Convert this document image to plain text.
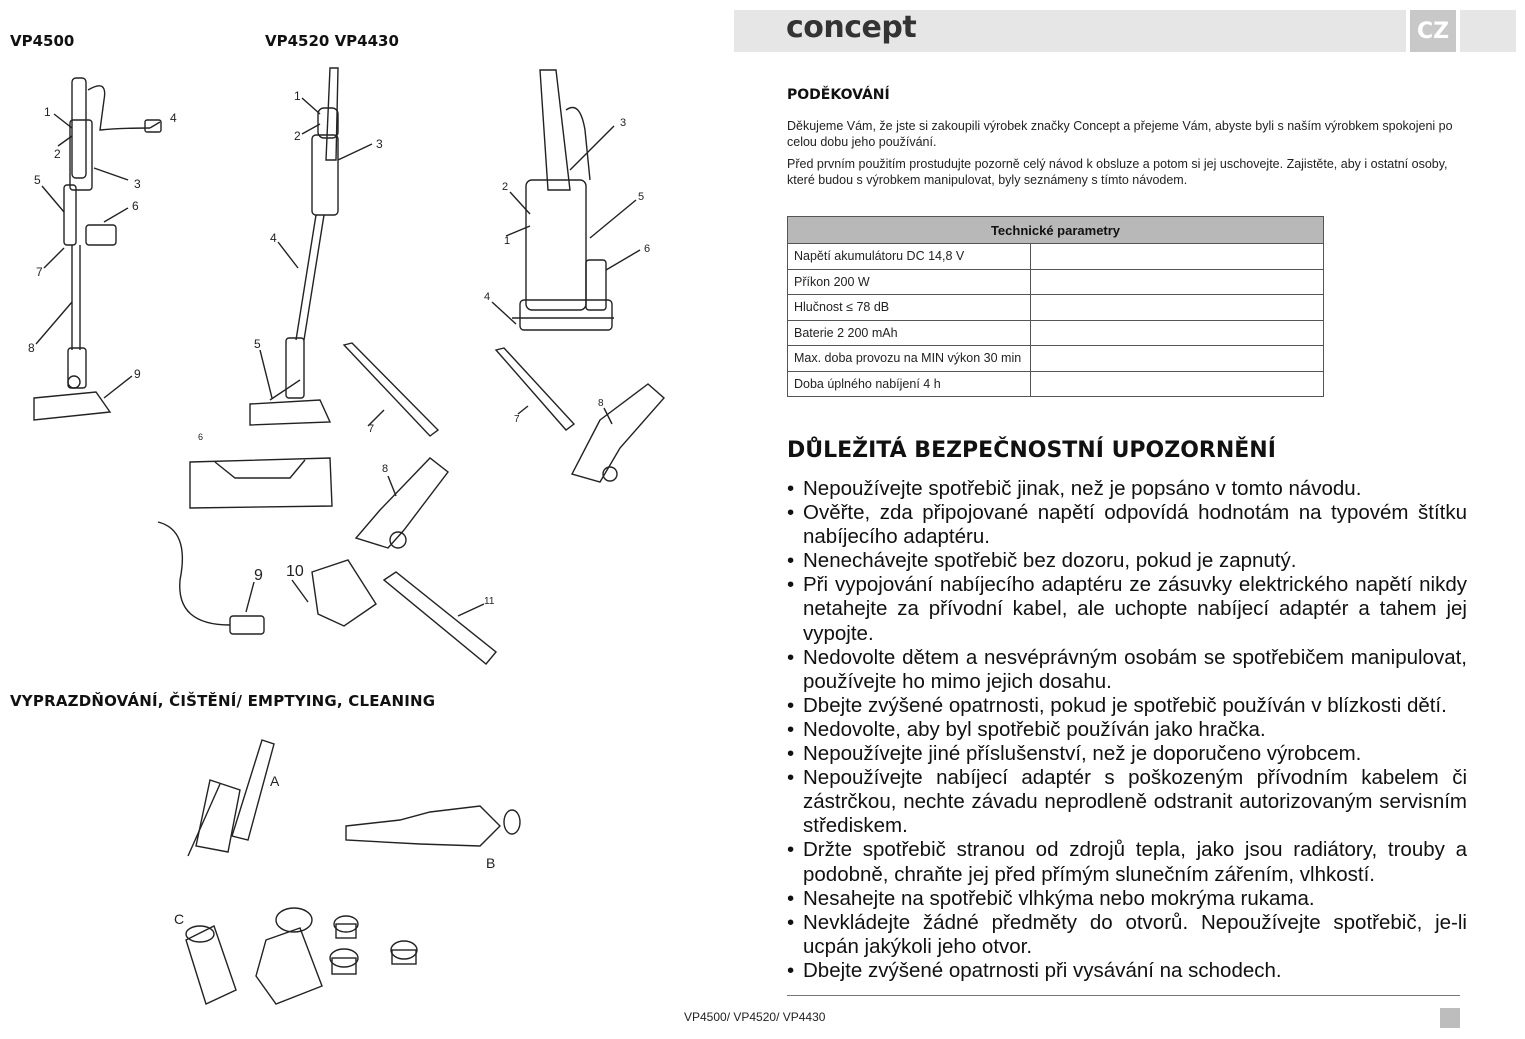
VP4500	VP4520 VP4430
1
2
3
4
5
6
7
8
9
1
2
3
4
5
6
7
8
9 10
11
1
2
3
4
5
6
7
8
A
B
C
VYPRAZDŇOVÁNÍ, ČIŠTĚNÍ/ EMPTYING, CLEANING
concept	CZ
PODĚKOVÁNÍ
Děkujeme Vám, že jste si zakoupili výrobek značky Concept a přejeme Vám, abyste byli s naším výrobkem spokojeni po celou dobu jeho používání.
Před prvním použitím prostudujte pozorně celý návod k obsluze a potom si jej uschovejte. Zajistěte, aby i ostatní osoby, které budou s výrobkem manipulovat, byly seznámeny s tímto návodem.
Technické parametry	
Napětí akumulátoru DC 14,8 V	
Příkon 200 W	
Hlučnost ≤ 78 dB	
Baterie 2 200 mAh	
Max. doba provozu na MIN výkon 30 min	
Doba úplného nabíjení 4 h	
DŮLEŽITÁ BEZPEČNOSTNÍ UPOZORNĚNÍ
• Nepoužívejte spotřebič jinak, než je popsáno v tomto návodu.
• Ověřte, zda připojované napětí odpovídá hodnotám na typovém štítku nabíjecího adaptéru.
• Nenechávejte spotřebič bez dozoru, pokud je zapnutý.
• Při vypojování nabíjecího adaptéru ze zásuvky elektrického napětí nikdy netahejte za přívodní kabel, ale uchopte nabíjecí adaptér a tahem jej vypojte.
• Nedovolte dětem a nesvéprávným osobám se spotřebičem manipulovat, používejte ho mimo jejich dosahu.
• Dbejte zvýšené opatrnosti, pokud je spotřebič používán v blízkosti dětí.
• Nedovolte, aby byl spotřebič používán jako hračka.
• Nepoužívejte jiné příslušenství, než je doporučeno výrobcem.
• Nepoužívejte nabíjecí adaptér s poškozeným přívodním kabelem či zástrčkou, nechte závadu neprodleně odstranit autorizovaným servisním střediskem.
• Držte spotřebič stranou od zdrojů tepla, jako jsou radiátory, trouby a podobně, chraňte jej před přímým slunečním zářením, vlhkostí.
• Nesahejte na spotřebič vlhkýma nebo mokrýma rukama.
• Nevkládejte žádné předměty do otvorů. Nepoužívejte spotřebič, je-li ucpán jakýkoli jeho otvor.
• Dbejte zvýšené opatrnosti při vysávání na schodech.
VP4500/ VP4520/ VP4430
